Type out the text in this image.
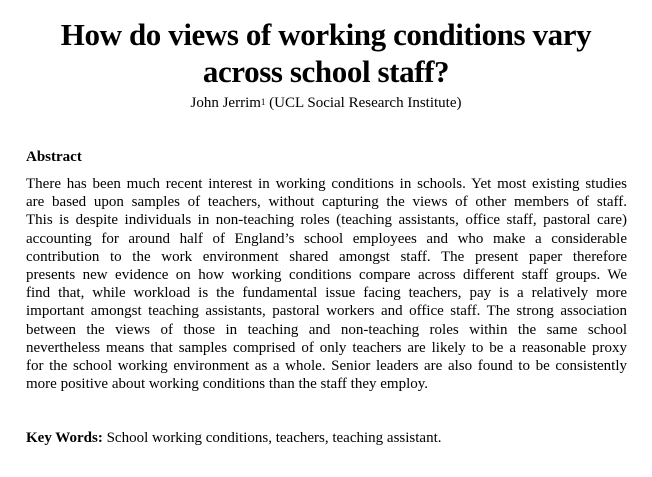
How do views of working conditions vary
across school staff?
John Jerrim$^1$ (UCL Social Research Institute)
Abstract
There has been much recent interest in working conditions in schools. Yet most existing studies
are based upon samples of teachers, without capturing the views of other members of staff.
This is despite individuals in non-teaching roles (teaching assistants, office staff, pastoral care)
accounting for around half of England’s school employees and who make a considerable
contribution to the work environment shared amongst staff. The present paper therefore
presents new evidence on how working conditions compare across different staff groups. We
find that, while workload is the fundamental issue facing teachers, pay is a relatively more
important amongst teaching assistants, pastoral workers and office staff. The strong association
between the views of those in teaching and non-teaching roles within the same school
nevertheless means that samples comprised of only teachers are likely to be a reasonable proxy
for the school working environment as a whole. Senior leaders are also found to be consistently
more positive about working conditions than the staff they employ.
Key Words: School working conditions, teachers, teaching assistant.
